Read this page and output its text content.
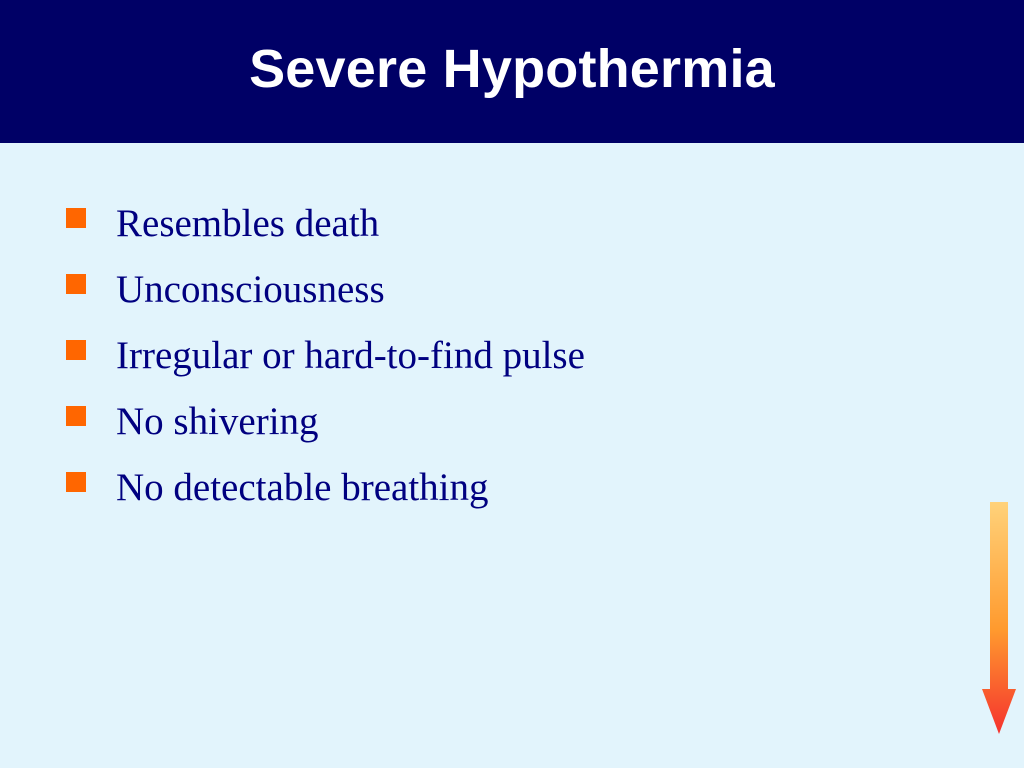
Severe Hypothermia
Resembles death
Unconsciousness
Irregular or hard-to-find pulse
No shivering
No detectable breathing
